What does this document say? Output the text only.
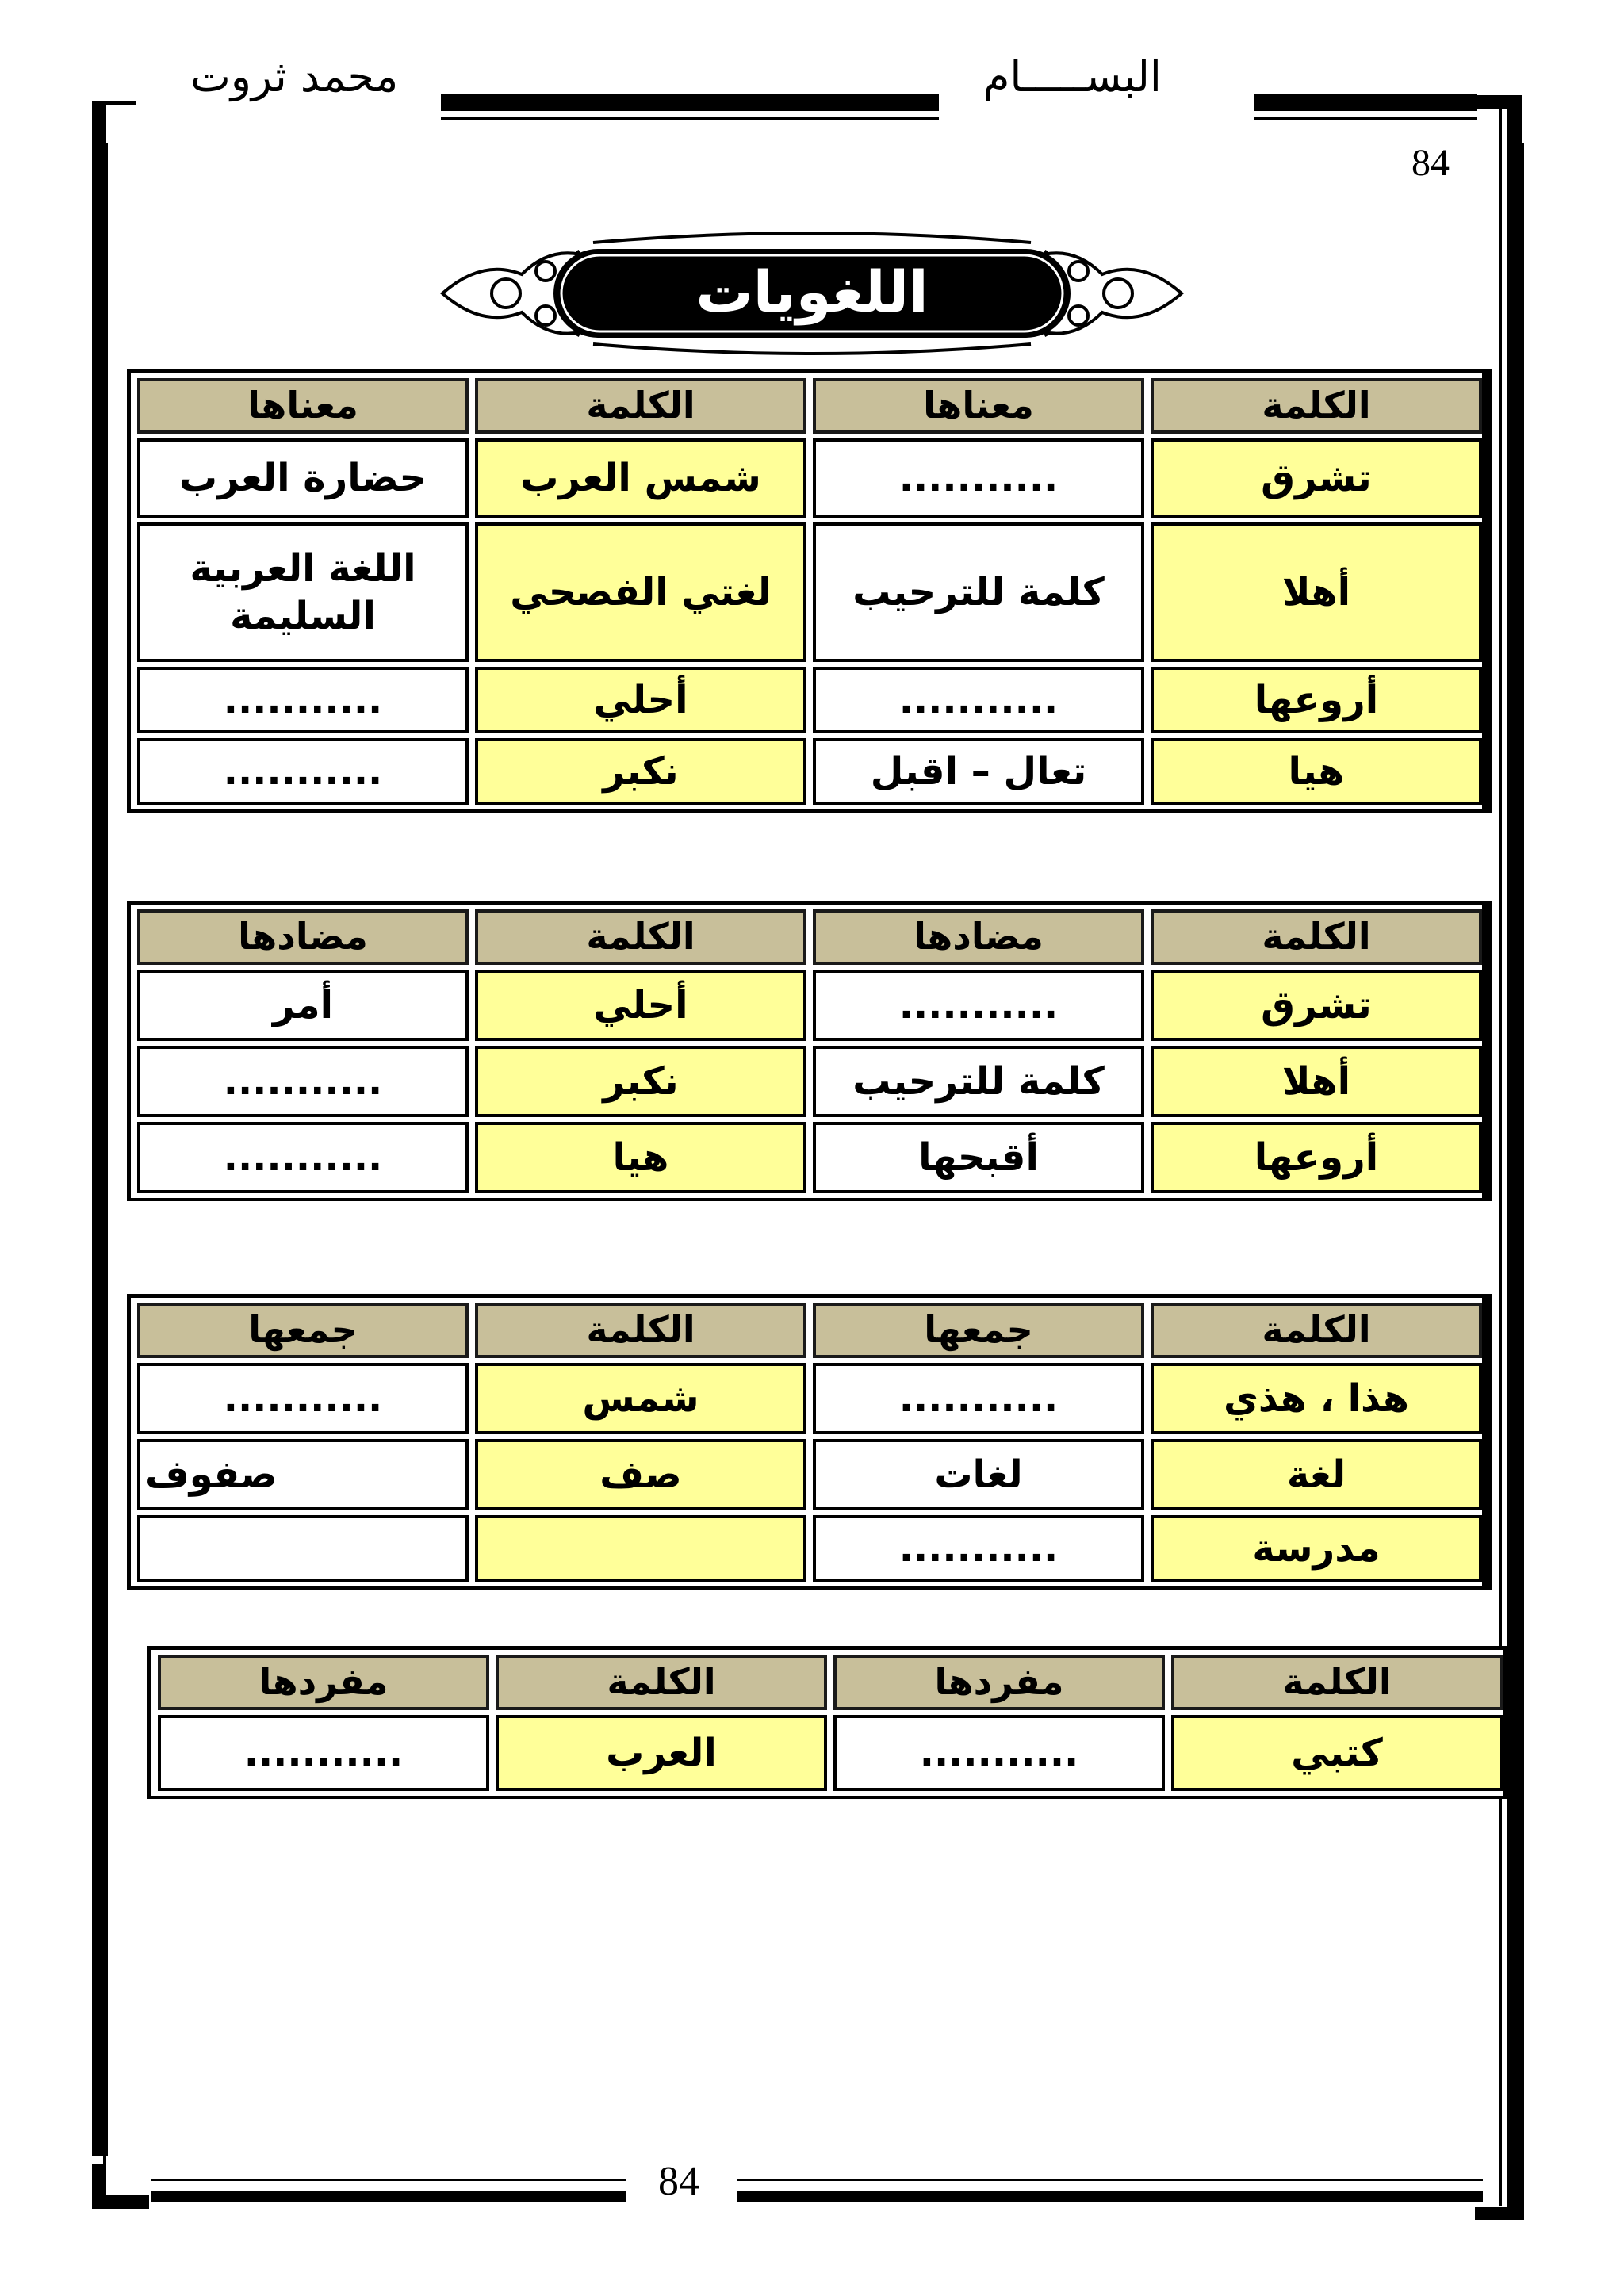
محمد ثروت	البســـــام
84
اللغويات
الكلمة	معناها	الكلمة	معناها
تشرق	...........	شمس العرب	حضارة العرب
أهلا	كلمة للترحيب	لغتي الفصحي	اللغة العربية السليمة
أروعها	...........	أحلي	...........
هيا	تعال – اقبل	نكبر	...........
الكلمة	مضادها	الكلمة	مضادها
تشرق	...........	أحلي	أمر
أهلا	كلمة للترحيب	نكبر	...........
أروعها	أقبحها	هيا	...........
الكلمة	جمعها	الكلمة	جمعها
هذا ، هذي	...........	شمس	...........
لغة	لغات	صف	صفوف
مدرسة	...........		
الكلمة	مفردها	الكلمة	مفردها
كتبي	...........	العرب	...........
84
